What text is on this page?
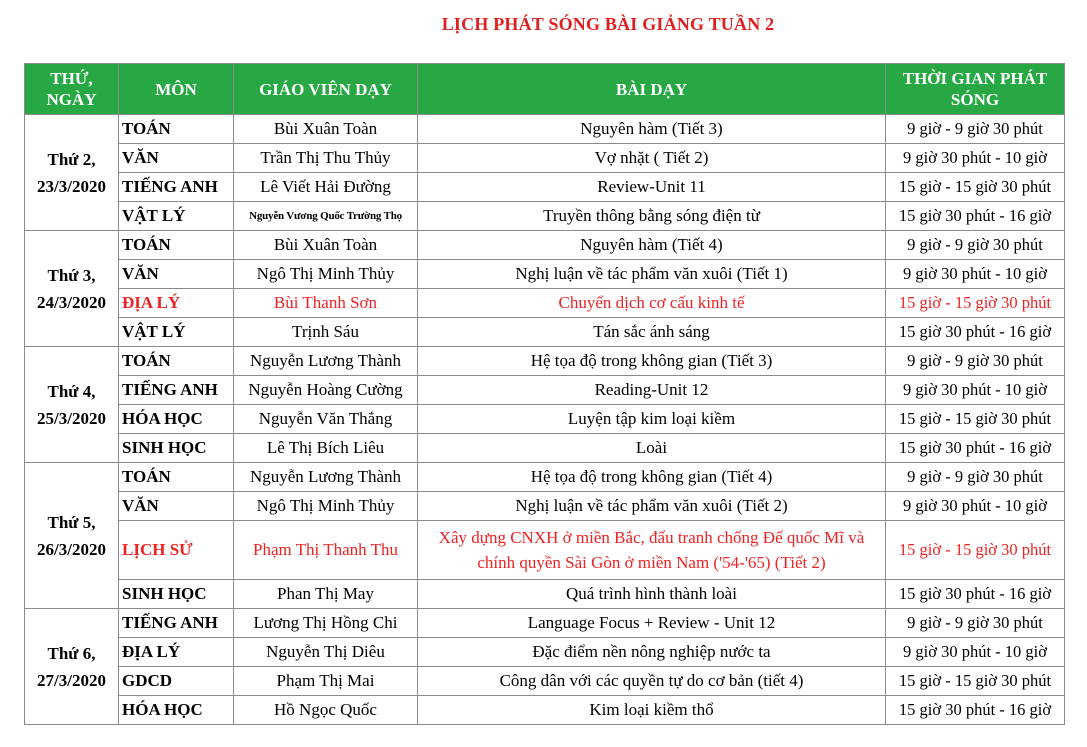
LỊCH PHÁT SÓNG BÀI GIẢNG TUẦN 2
THỨ, NGÀY	MÔN	GIÁO VIÊN DẠY	BÀI DẠY	THỜI GIAN PHÁT SÓNG
Thứ 2, 23/3/2020	TOÁN	Bùi Xuân Toàn	Nguyên hàm (Tiết 3)	9 giờ - 9 giờ 30 phút
	VĂN	Trần Thị Thu Thủy	Vợ nhặt ( Tiết 2)	9 giờ 30 phút - 10 giờ
	TIẾNG ANH	Lê Viết Hải Đường	Review-Unit 11	15 giờ - 15 giờ 30 phút
	VẬT LÝ	Nguyễn Vương Quốc Trường Thọ	Truyền thông bằng sóng điện từ	15 giờ 30 phút - 16 giờ
Thứ 3, 24/3/2020	TOÁN	Bùi Xuân Toàn	Nguyên hàm (Tiết 4)	9 giờ - 9 giờ 30 phút
	VĂN	Ngô Thị Minh Thủy	Nghị luận về tác phẩm văn xuôi (Tiết 1)	9 giờ 30 phút - 10 giờ
	ĐỊA LÝ	Bùi Thanh Sơn	Chuyển dịch cơ cấu kinh tế	15 giờ - 15 giờ 30 phút
	VẬT LÝ	Trịnh Sáu	Tán sắc ánh sáng	15 giờ 30 phút - 16 giờ
Thứ 4, 25/3/2020	TOÁN	Nguyễn Lương Thành	Hệ tọa độ trong không gian (Tiết 3)	9 giờ - 9 giờ 30 phút
	TIẾNG ANH	Nguyễn Hoàng Cường	Reading-Unit 12	9 giờ 30 phút - 10 giờ
	HÓA HỌC	Nguyễn Văn Thắng	Luyện tập kim loại kiềm	15 giờ - 15 giờ 30 phút
	SINH HỌC	Lê Thị Bích Liêu	Loài	15 giờ 30 phút - 16 giờ
Thứ 5, 26/3/2020	TOÁN	Nguyễn Lương Thành	Hệ tọa độ trong không gian (Tiết 4)	9 giờ - 9 giờ 30 phút
	VĂN	Ngô Thị Minh Thủy	Nghị luận về tác phẩm văn xuôi (Tiết 2)	9 giờ 30 phút - 10 giờ
	LỊCH SỬ	Phạm Thị Thanh Thu	Xây dựng CNXH ở miền Bắc, đấu tranh chống Đế quốc Mĩ và chính quyền Sài Gòn ở miền Nam ('54-'65) (Tiết 2)	15 giờ - 15 giờ 30 phút
	SINH HỌC	Phan Thị May	Quá trình hình thành loài	15 giờ 30 phút - 16 giờ
Thứ 6, 27/3/2020	TIẾNG ANH	Lương Thị Hồng Chi	Language Focus + Review - Unit 12	9 giờ - 9 giờ 30 phút
	ĐỊA LÝ	Nguyễn Thị Diêu	Đặc điểm nền nông nghiệp nước ta	9 giờ 30 phút - 10 giờ
	GDCD	Phạm Thị Mai	Công dân với các quyền tự do cơ bản (tiết 4)	15 giờ - 15 giờ 30 phút
	HÓA HỌC	Hồ Ngọc Quốc	Kim loại kiềm thổ	15 giờ 30 phút - 16 giờ
